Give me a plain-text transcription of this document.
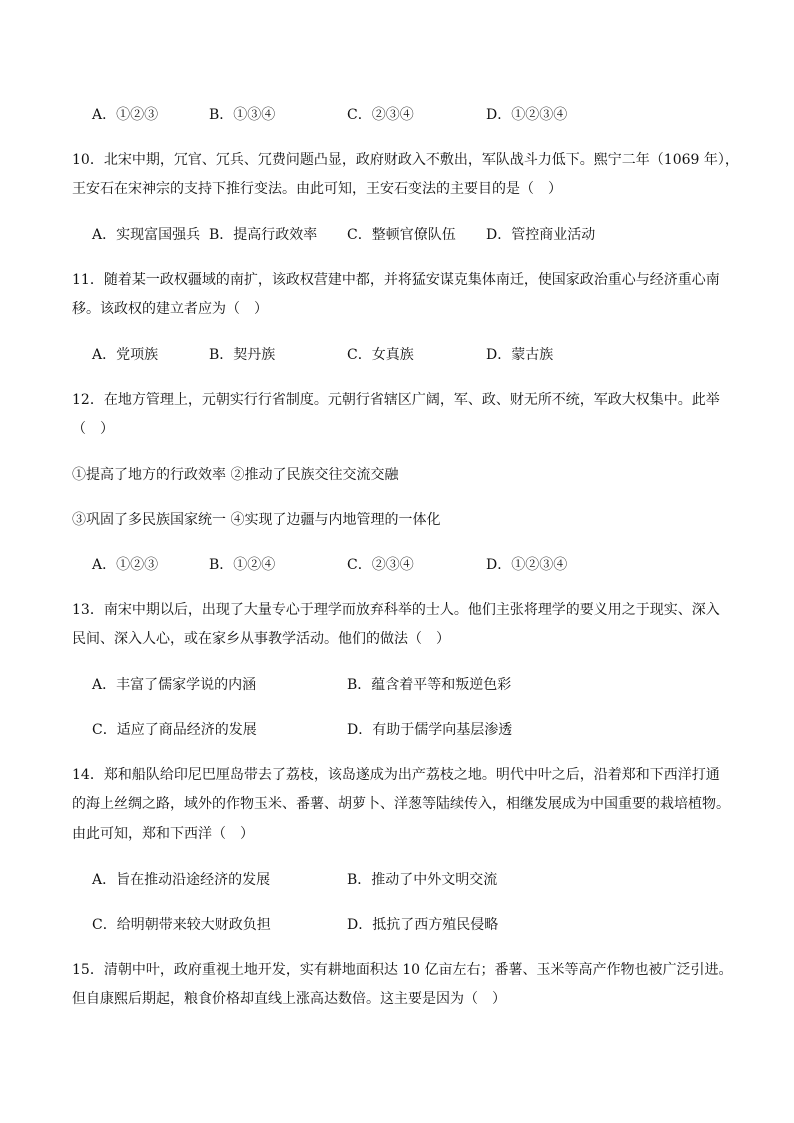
A．①②③	B．①③④	C．②③④	D．①②③④
10．北宋中期，冗官、冗兵、冗费问题凸显，政府财政入不敷出，军队战斗力低下。熙宁二年（1069 年），
王安石在宋神宗的支持下推行变法。由此可知，王安石变法的主要目的是（　）
A．实现富国强兵 B．提高行政效率 C．整顿官僚队伍 D．管控商业活动
11．随着某一政权疆域的南扩，该政权营建中都，并将猛安谋克集体南迁，使国家政治重心与经济重心南
移。该政权的建立者应为（　）
A．党项族	B．契丹族	C．女真族	D．蒙古族
12．在地方管理上，元朝实行行省制度。元朝行省辖区广阔，军、政、财无所不统，军政大权集中。此举
（　）
①提高了地方的行政效率 ②推动了民族交往交流交融
③巩固了多民族国家统一 ④实现了边疆与内地管理的一体化
A．①②③	B．①②④	C．②③④	D．①②③④
13．南宋中期以后，出现了大量专心于理学而放弃科举的士人。他们主张将理学的要义用之于现实、深入
民间、深入人心，或在家乡从事教学活动。他们的做法（　）
A．丰富了儒家学说的内涵	B．蕴含着平等和叛逆色彩
C．适应了商品经济的发展	D．有助于儒学向基层渗透
14．郑和船队给印尼巴厘岛带去了荔枝，该岛遂成为出产荔枝之地。明代中叶之后，沿着郑和下西洋打通
的海上丝绸之路，域外的作物玉米、番薯、胡萝卜、洋葱等陆续传入，相继发展成为中国重要的栽培植物。
由此可知，郑和下西洋（　）
A．旨在推动沿途经济的发展	B．推动了中外文明交流
C．给明朝带来较大财政负担	D．抵抗了西方殖民侵略
15．清朝中叶，政府重视土地开发，实有耕地面积达 10 亿亩左右；番薯、玉米等高产作物也被广泛引进。
但自康熙后期起，粮食价格却直线上涨高达数倍。这主要是因为（　）
